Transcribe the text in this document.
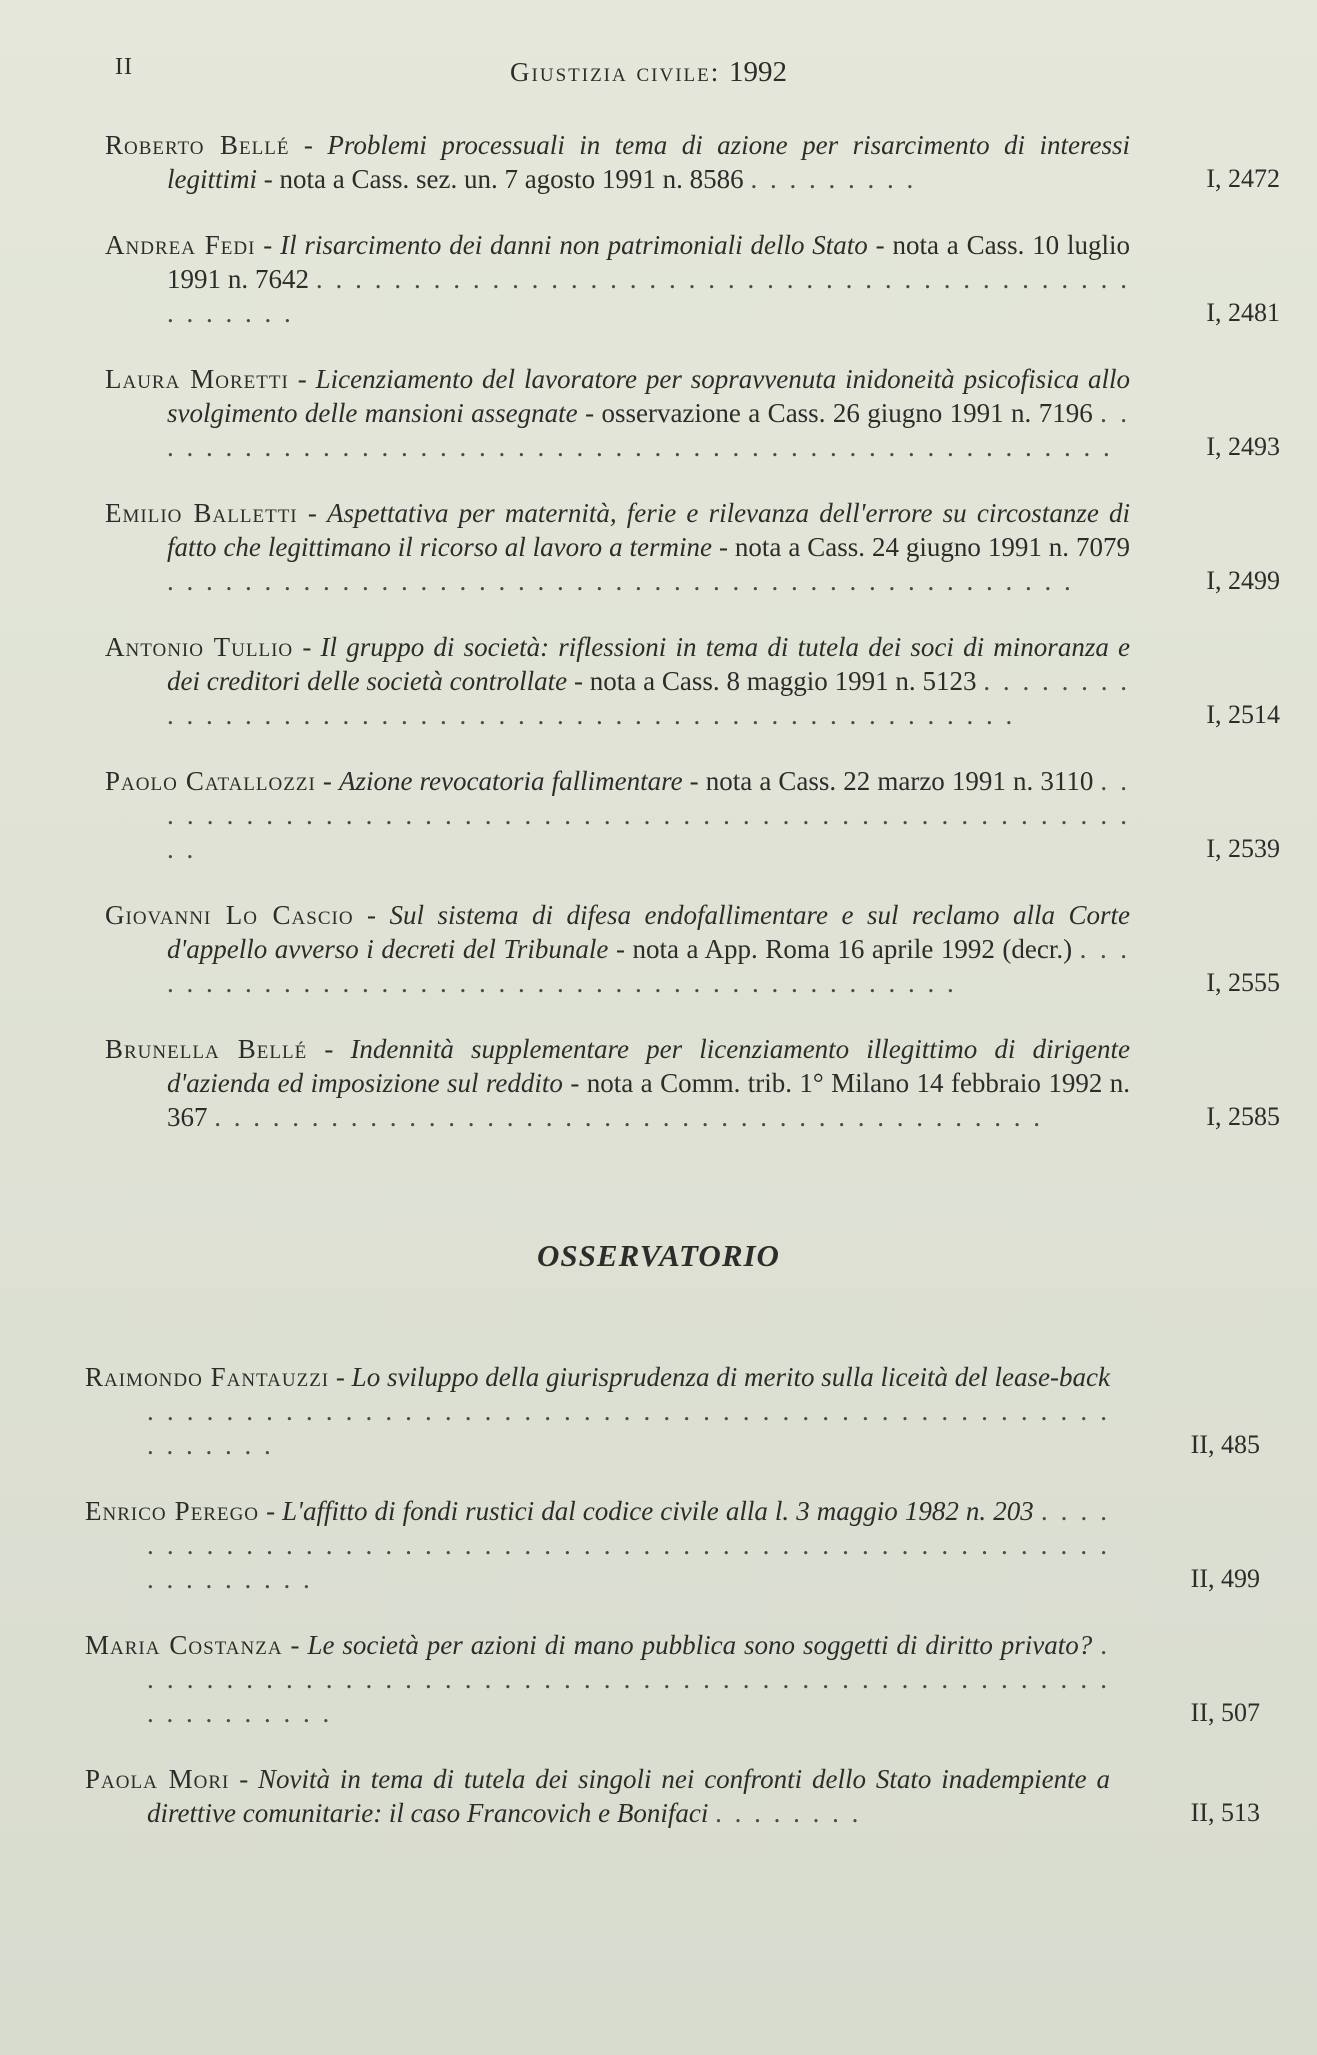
II	Giustizia civile: 1992
Roberto Bellé - Problemi processuali in tema di azione per risarcimento di interessi legittimi - nota a Cass. sez. un. 7 agosto 1991 n. 8586 . . . . . . . . .	I, 2472
Andrea Fedi - Il risarcimento dei danni non patrimoniali dello Stato - nota a Cass. 10 luglio 1991 n. 7642 . . . . . . . . . . . . . . . . . . . . . . . . . . . . . . . . . . . . . . . . . . . . . . . . .	I, 2481
Laura Moretti - Licenziamento del lavoratore per sopravvenuta inidoneità psicofisica allo svolgimento delle mansioni assegnate - osservazione a Cass. 26 giugno 1991 n. 7196 . . . . . . . . . . . . . . . . . . . . . . . . . . . . . . . . . . . . . . . . . . . . . . . . . . .	I, 2493
Emilio Balletti - Aspettativa per maternità, ferie e rilevanza dell'errore su circostanze di fatto che legittimano il ricorso al lavoro a termine - nota a Cass. 24 giugno 1991 n. 7079 . . . . . . . . . . . . . . . . . . . . . . . . . . . . . . . . . . . . . . . . . . . . . . .	I, 2499
Antonio Tullio - Il gruppo di società: riflessioni in tema di tutela dei soci di minoranza e dei creditori delle società controllate - nota a Cass. 8 maggio 1991 n. 5123 . . . . . . . . . . . . . . . . . . . . . . . . . . . . . . . . . . . . . . . . . . . . . . . . . . . .	I, 2514
Paolo Catallozzi - Azione revocatoria fallimentare - nota a Cass. 22 marzo 1991 n. 3110 . . . . . . . . . . . . . . . . . . . . . . . . . . . . . . . . . . . . . . . . . . . . . . . . . . . . .	I, 2539
Giovanni Lo Cascio - Sul sistema di difesa endofallimentare e sul reclamo alla Corte d'appello avverso i decreti del Tribunale - nota a App. Roma 16 aprile 1992 (decr.) . . . . . . . . . . . . . . . . . . . . . . . . . . . . . . . . . . . . . . . . . . . .	I, 2555
Brunella Bellé - Indennità supplementare per licenziamento illegittimo di dirigente d'azienda ed imposizione sul reddito - nota a Comm. trib. 1° Milano 14 febbraio 1992 n. 367 . . . . . . . . . . . . . . . . . . . . . . . . . . . . . . . . . . . . . . . . . . .	I, 2585
OSSERVATORIO
Raimondo Fantauzzi - Lo sviluppo della giurisprudenza di merito sulla liceità del lease-back . . . . . . . . . . . . . . . . . . . . . . . . . . . . . . . . . . . . . . . . . . . . . . . . . . . . . . . .	II, 485
Enrico Perego - L'affitto di fondi rustici dal codice civile alla l. 3 maggio 1982 n. 203 . . . . . . . . . . . . . . . . . . . . . . . . . . . . . . . . . . . . . . . . . . . . . . . . . . . . . . . . . . . . . .	II, 499
Maria Costanza - Le società per azioni di mano pubblica sono soggetti di diritto privato? . . . . . . . . . . . . . . . . . . . . . . . . . . . . . . . . . . . . . . . . . . . . . . . . . . . . . . . . . . . .	II, 507
Paola Mori - Novità in tema di tutela dei singoli nei confronti dello Stato inadempiente a direttive comunitarie: il caso Francovich e Bonifaci . . . . . . . .	II, 513
